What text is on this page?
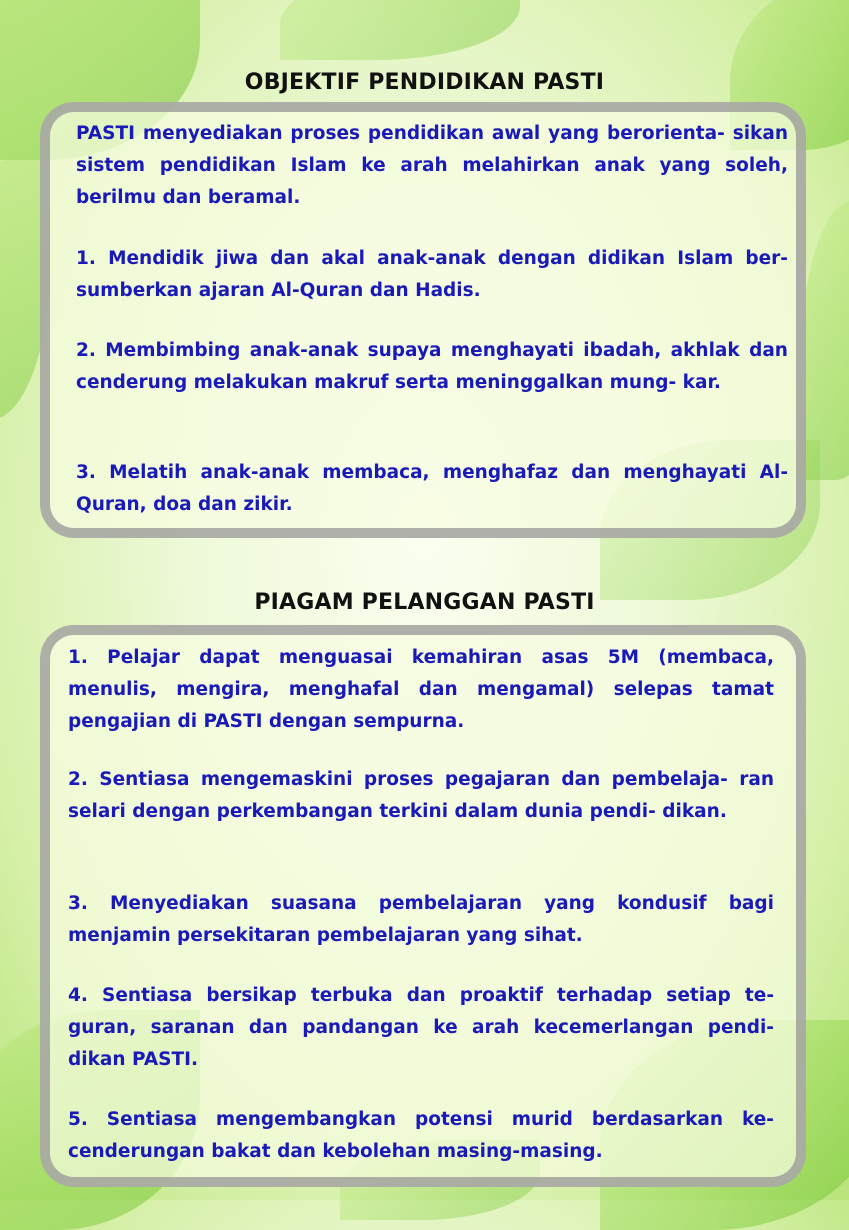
OBJEKTIF PENDIDIKAN PASTI

PASTI menyediakan proses pendidikan awal yang berorienta- sikan sistem pendidikan Islam ke arah melahirkan anak yang soleh, berilmu dan beramal.

1. Mendidik jiwa dan akal anak-anak dengan didikan Islam ber- sumberkan ajaran Al-Quran dan Hadis.

2. Membimbing anak-anak supaya menghayati ibadah, akhlak dan cenderung melakukan makruf serta meninggalkan mung- kar.

3. Melatih anak-anak membaca, menghafaz dan menghayati Al-Quran, doa dan zikir.

PIAGAM PELANGGAN PASTI

1. Pelajar dapat menguasai kemahiran asas 5M (membaca, menulis, mengira, menghafal dan mengamal) selepas tamat pengajian di PASTI dengan sempurna.

2. Sentiasa mengemaskini proses pegajaran dan pembelaja- ran selari dengan perkembangan terkini dalam dunia pendi- dikan.

3. Menyediakan suasana pembelajaran yang kondusif bagi menjamin persekitaran pembelajaran yang sihat.

4. Sentiasa bersikap terbuka dan proaktif terhadap setiap te- guran, saranan dan pandangan ke arah kecemerlangan pendi- dikan PASTI.

5. Sentiasa mengembangkan potensi murid berdasarkan ke- cenderungan bakat dan kebolehan masing-masing.
